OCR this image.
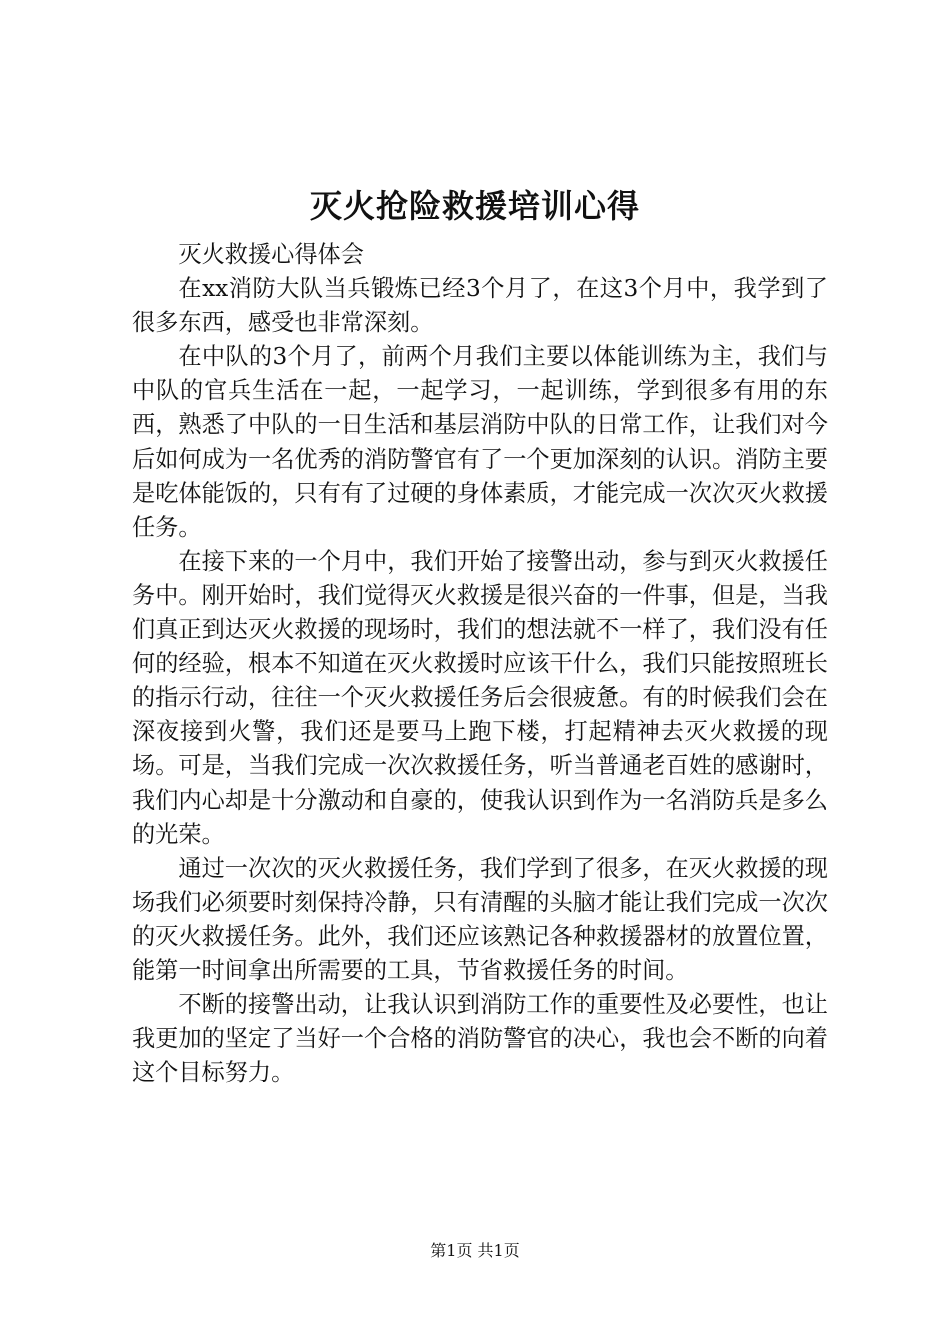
灭火抢险救援培训心得

灭火救援心得体会

在xx消防大队当兵锻炼已经3个月了，在这3个月中，我学到了很多东西，感受也非常深刻。

在中队的3个月了，前两个月我们主要以体能训练为主，我们与中队的官兵生活在一起，一起学习，一起训练，学到很多有用的东西，熟悉了中队的一日生活和基层消防中队的日常工作，让我们对今后如何成为一名优秀的消防警官有了一个更加深刻的认识。消防主要是吃体能饭的，只有有了过硬的身体素质，才能完成一次次灭火救援任务。

在接下来的一个月中，我们开始了接警出动，参与到灭火救援任务中。刚开始时，我们觉得灭火救援是很兴奋的一件事，但是，当我们真正到达灭火救援的现场时，我们的想法就不一样了，我们没有任何的经验，根本不知道在灭火救援时应该干什么，我们只能按照班长的指示行动，往往一个灭火救援任务后会很疲惫。有的时候我们会在深夜接到火警，我们还是要马上跑下楼，打起精神去灭火救援的现场。可是，当我们完成一次次救援任务，听当普通老百姓的感谢时，我们内心却是十分激动和自豪的，使我认识到作为一名消防兵是多么的光荣。

通过一次次的灭火救援任务，我们学到了很多，在灭火救援的现场我们必须要时刻保持冷静，只有清醒的头脑才能让我们完成一次次的灭火救援任务。此外，我们还应该熟记各种救援器材的放置位置，能第一时间拿出所需要的工具，节省救援任务的时间。

不断的接警出动，让我认识到消防工作的重要性及必要性，也让我更加的坚定了当好一个合格的消防警官的决心，我也会不断的向着这个目标努力。

第1页 共1页
